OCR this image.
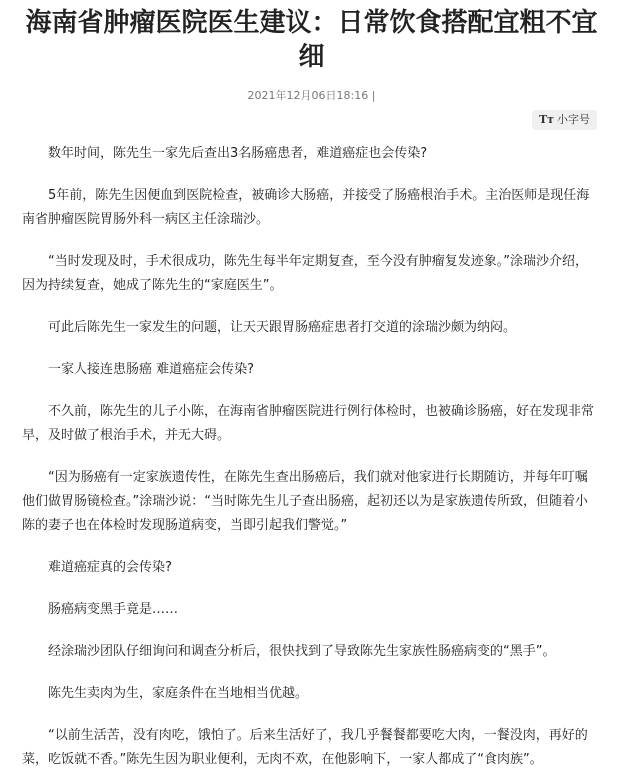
海南省肿瘤医院医生建议：日常饮食搭配宜粗不宜细
2021年12月06日18:16 |
Tт 小字号

数年时间，陈先生一家先后查出3名肠癌患者，难道癌症也会传染?

5年前，陈先生因便血到医院检查，被确诊大肠癌，并接受了肠癌根治手术。主治医师是现任海南省肿瘤医院胃肠外科一病区主任涂瑞沙。

“当时发现及时，手术很成功，陈先生每半年定期复查，至今没有肿瘤复发迹象。”涂瑞沙介绍，因为持续复查，她成了陈先生的“家庭医生”。

可此后陈先生一家发生的问题，让天天跟胃肠癌症患者打交道的涂瑞沙颇为纳闷。

一家人接连患肠癌 难道癌症会传染?

不久前，陈先生的儿子小陈，在海南省肿瘤医院进行例行体检时，也被确诊肠癌，好在发现非常早，及时做了根治手术，并无大碍。

“因为肠癌有一定家族遗传性，在陈先生查出肠癌后，我们就对他家进行长期随访，并每年叮嘱他们做胃肠镜检查。”涂瑞沙说：“当时陈先生儿子查出肠癌，起初还以为是家族遗传所致，但随着小陈的妻子也在体检时发现肠道病变，当即引起我们警觉。”

难道癌症真的会传染?

肠癌病变黑手竟是……

经涂瑞沙团队仔细询问和调查分析后，很快找到了导致陈先生家族性肠癌病变的“黑手”。

陈先生卖肉为生，家庭条件在当地相当优越。

“以前生活苦，没有肉吃，饿怕了。后来生活好了，我几乎餐餐都要吃大肉，一餐没肉，再好的菜，吃饭就不香。”陈先生因为职业便利，无肉不欢，在他影响下，一家人都成了“食肉族”。
